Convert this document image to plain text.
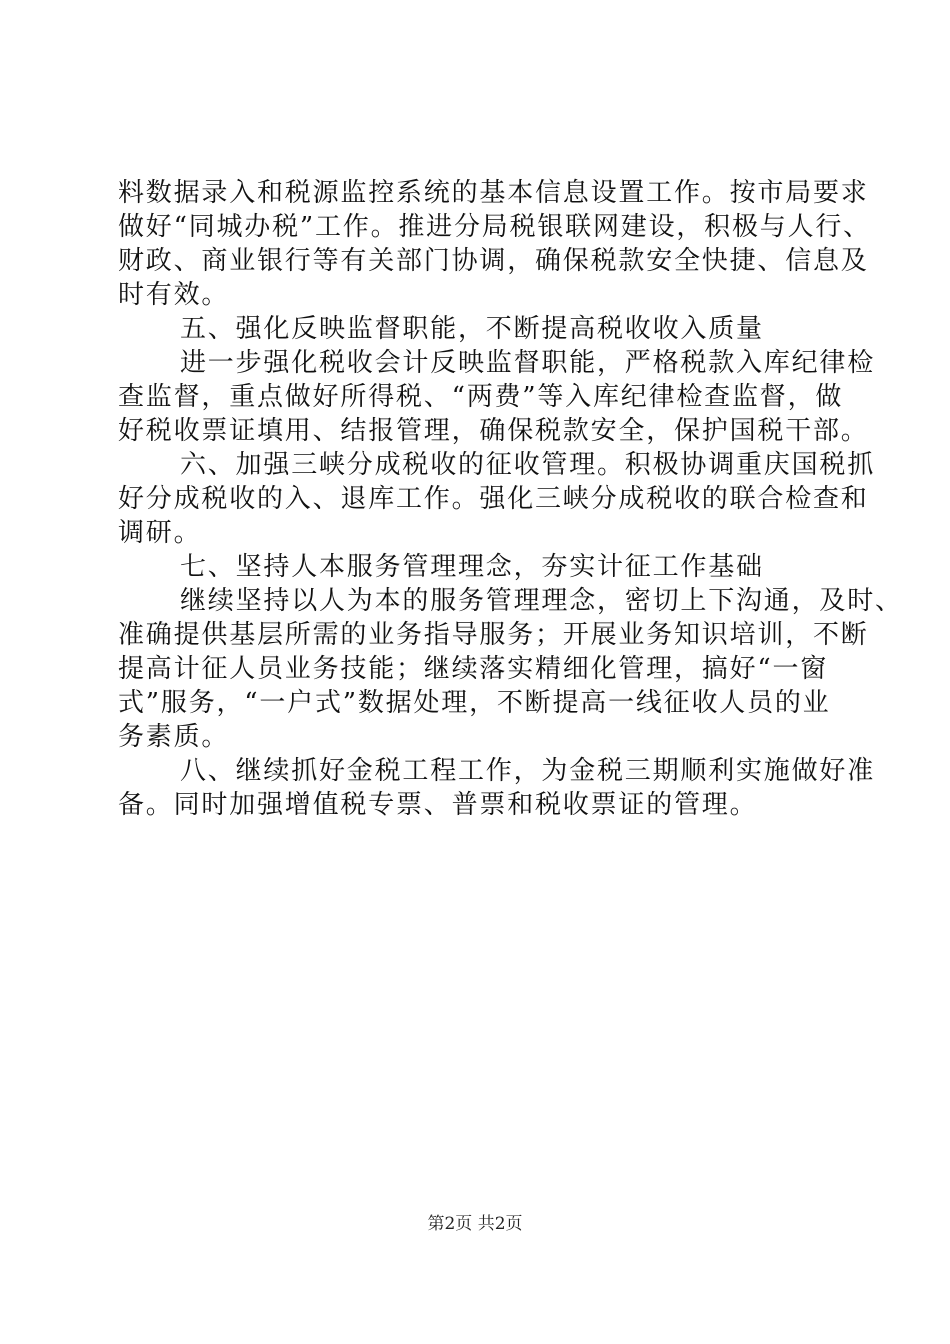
料数据录入和税源监控系统的基本信息设置工作。按市局要求
做好“同城办税”工作。推进分局税银联网建设，积极与人行、
财政、商业银行等有关部门协调，确保税款安全快捷、信息及
时有效。
五、强化反映监督职能，不断提高税收收入质量
进一步强化税收会计反映监督职能，严格税款入库纪律检
查监督，重点做好所得税、“两费”等入库纪律检查监督，做
好税收票证填用、结报管理，确保税款安全，保护国税干部。
六、加强三峡分成税收的征收管理。积极协调重庆国税抓
好分成税收的入、退库工作。强化三峡分成税收的联合检查和
调研。
七、坚持人本服务管理理念，夯实计征工作基础
继续坚持以人为本的服务管理理念，密切上下沟通，及时、
准确提供基层所需的业务指导服务；开展业务知识培训，不断
提高计征人员业务技能；继续落实精细化管理，搞好“一窗
式”服务，“一户式”数据处理，不断提高一线征收人员的业
务素质。
八、继续抓好金税工程工作，为金税三期顺利实施做好准
备。同时加强增值税专票、普票和税收票证的管理。
第2页 共2页
